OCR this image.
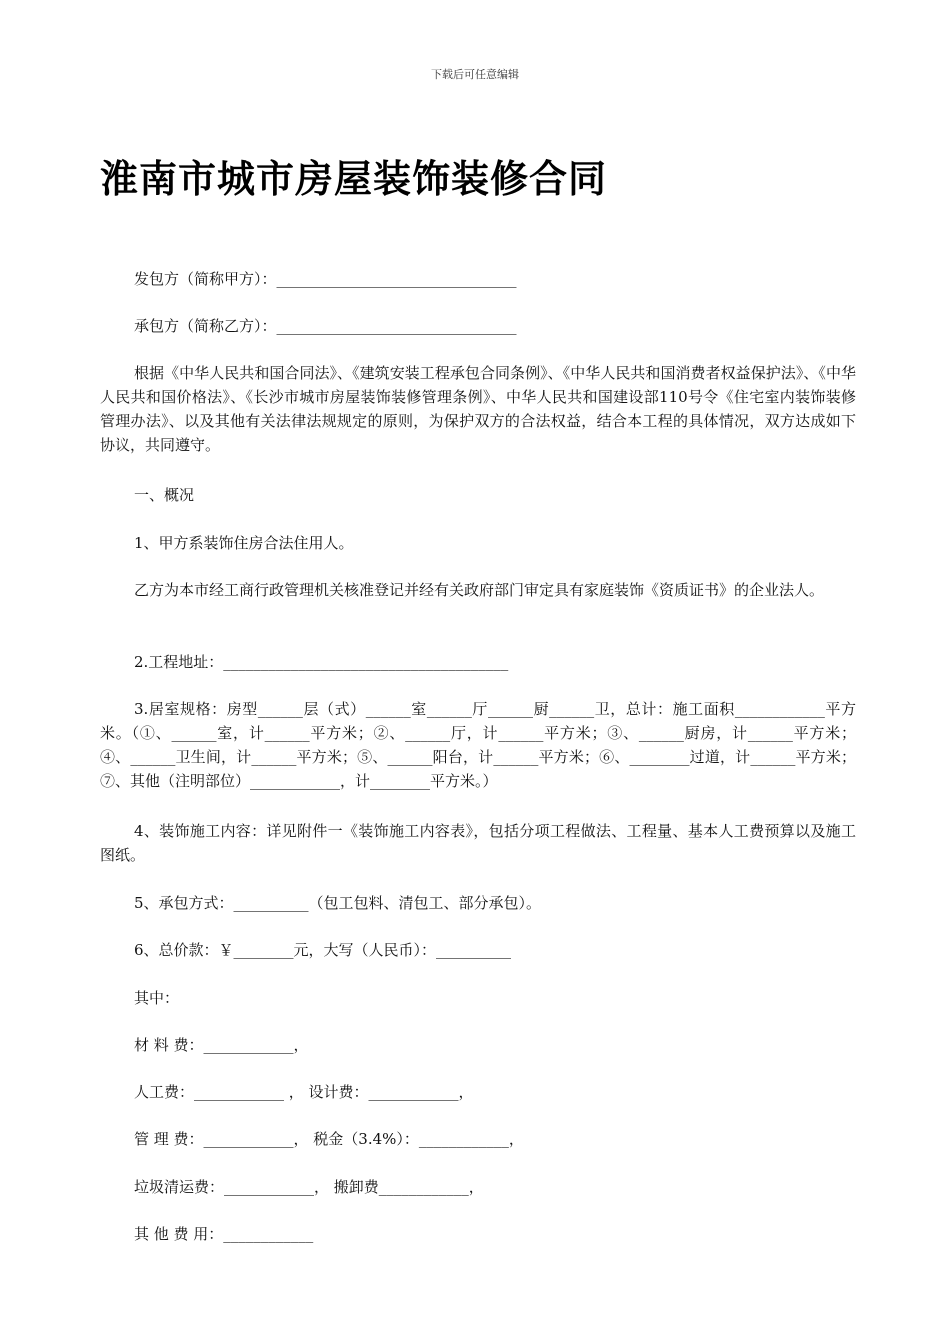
下载后可任意编辑
淮南市城市房屋装饰装修合同

发包方（简称甲方）：________________________________

承包方（简称乙方）：________________________________

根据《中华人民共和国合同法》、《建筑安装工程承包合同条例》、《中华人民共和国消费者权益保护法》、《中华人民共和国价格法》、《长沙市城市房屋装饰装修管理条例》、中华人民共和国建设部110号令《住宅室内装饰装修管理办法》、以及其他有关法律法规规定的原则，为保护双方的合法权益，结合本工程的具体情况，双方达成如下协议，共同遵守。

一、概况

1、甲方系装饰住房合法住用人。

乙方为本市经工商行政管理机关核准登记并经有关政府部门审定具有家庭装饰《资质证书》的企业法人。

2.工程地址：______________________________________

3.居室规格：房型______层（式）______室______厅______厨______卫，总计：施工面积____________平方米。（①、______室，计______平方米；②、______厅，计______平方米；③、______厨房，计______平方米；④、______卫生间，计______平方米；⑤、______阳台，计______平方米；⑥、________过道，计______平方米；⑦、其他（注明部位）____________，计________平方米。）

4、装饰施工内容：详见附件一《装饰施工内容表》，包括分项工程做法、工程量、基本人工费预算以及施工图纸。

5、承包方式：__________（包工包料、清包工、部分承包）。

6、总价款：￥________元，大写（人民币）：__________

其中：

材 料 费：____________，

人工费：____________ ， 设计费：____________，

管 理 费：____________， 税金（3.4%）：____________，

垃圾清运费：____________， 搬卸费____________，

其 他 费 用：____________
